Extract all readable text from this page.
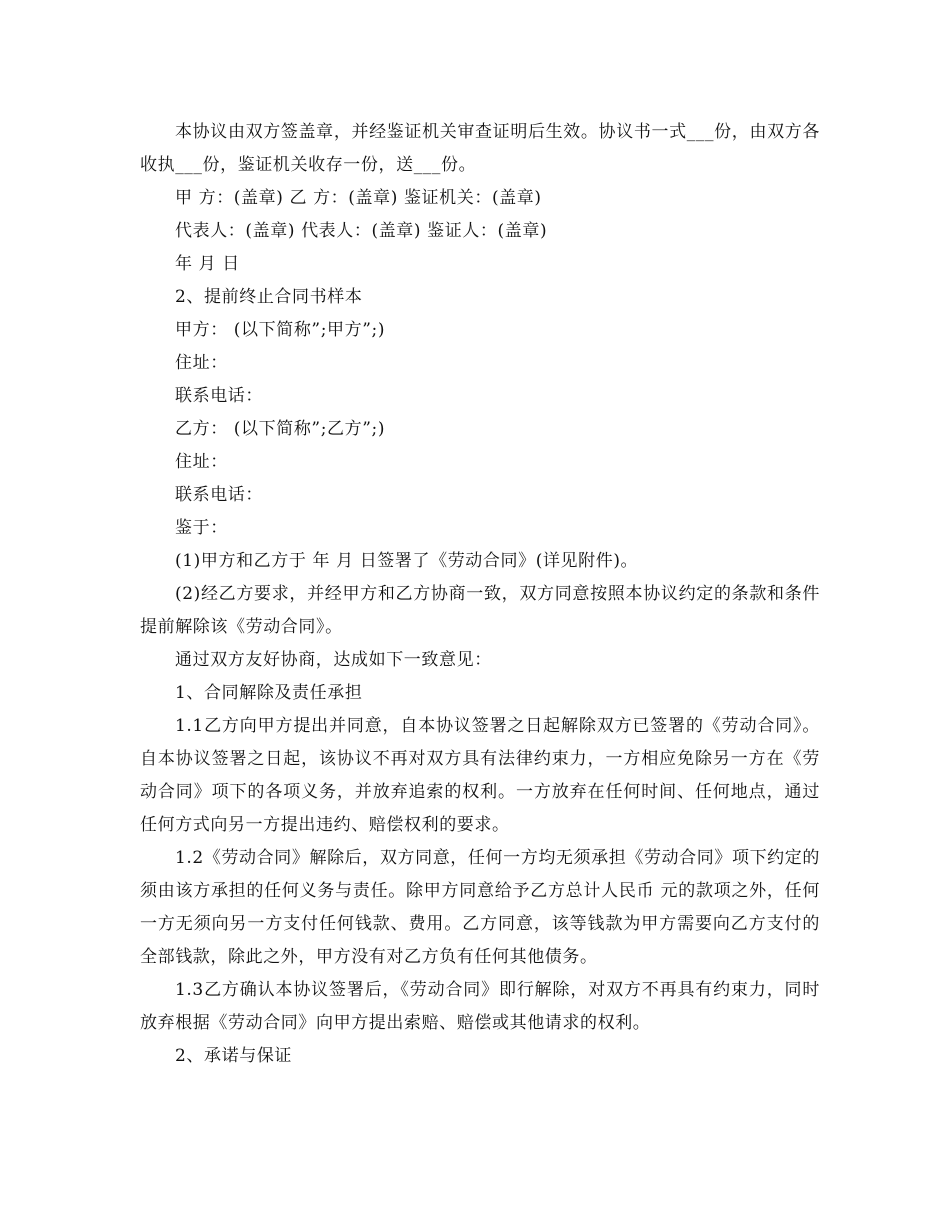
本协议由双方签盖章，并经鉴证机关审查证明后生效。协议书一式___份，由双方各收执___份，鉴证机关收存一份，送___份。

甲 方：(盖章) 乙 方：(盖章) 鉴证机关：(盖章)

代表人：(盖章) 代表人：(盖章) 鉴证人：(盖章)

年 月 日

2、提前终止合同书样本

甲方： (以下简称”;甲方”;)

住址：

联系电话：

乙方： (以下简称”;乙方”;)

住址：

联系电话：

鉴于：

(1)甲方和乙方于 年 月 日签署了《劳动合同》(详见附件)。

(2)经乙方要求，并经甲方和乙方协商一致，双方同意按照本协议约定的条款和条件提前解除该《劳动合同》。

通过双方友好协商，达成如下一致意见：

1、合同解除及责任承担

1.1乙方向甲方提出并同意，自本协议签署之日起解除双方已签署的《劳动合同》。自本协议签署之日起，该协议不再对双方具有法律约束力，一方相应免除另一方在《劳动合同》项下的各项义务，并放弃追索的权利。一方放弃在任何时间、任何地点，通过任何方式向另一方提出违约、赔偿权利的要求。

1.2《劳动合同》解除后，双方同意，任何一方均无须承担《劳动合同》项下约定的须由该方承担的任何义务与责任。除甲方同意给予乙方总计人民币 元的款项之外，任何一方无须向另一方支付任何钱款、费用。乙方同意，该等钱款为甲方需要向乙方支付的全部钱款，除此之外，甲方没有对乙方负有任何其他债务。

1.3乙方确认本协议签署后，《劳动合同》即行解除，对双方不再具有约束力，同时放弃根据《劳动合同》向甲方提出索赔、赔偿或其他请求的权利。

2、承诺与保证
